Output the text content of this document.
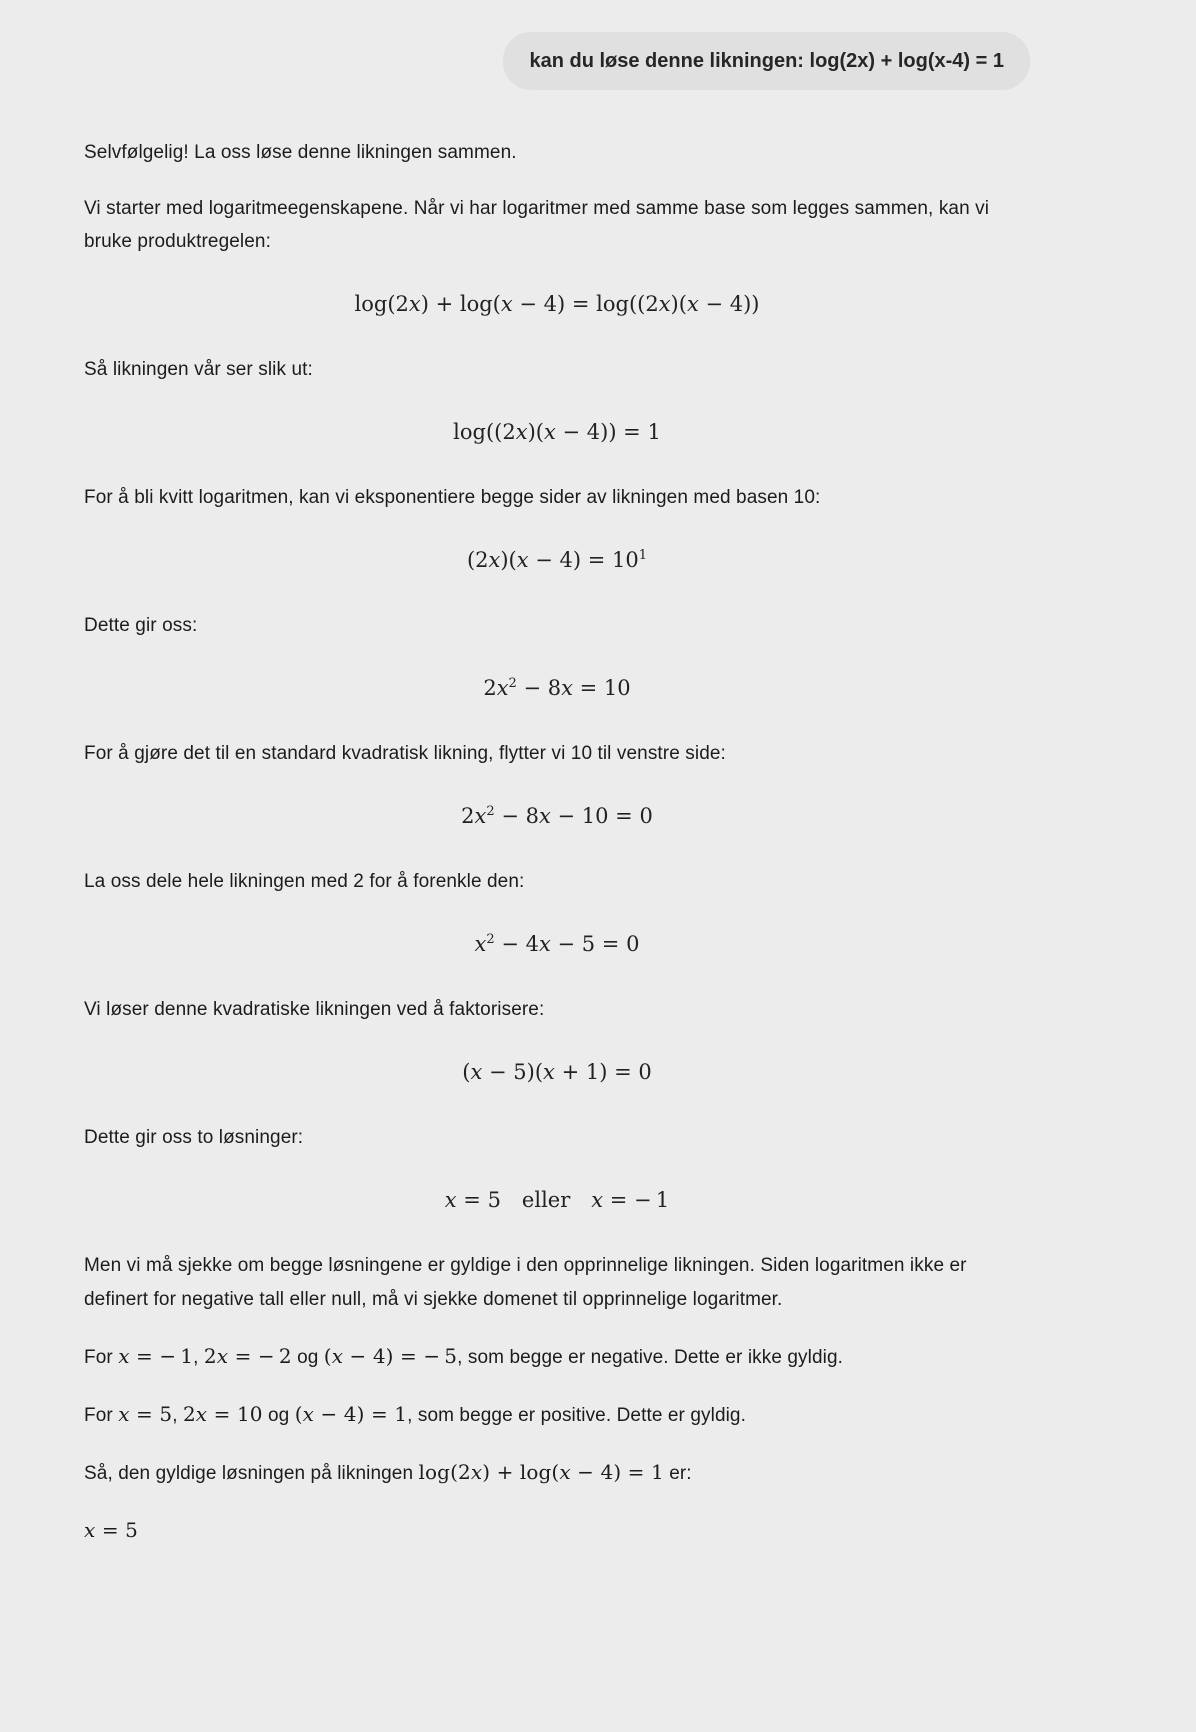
kan du løse denne likningen: log(2x) + log(x-4) = 1
Selvfølgelig! La oss løse denne likningen sammen.
Vi starter med logaritmeegenskapene. Når vi har logaritmer med samme base som legges sammen, kan vi bruke produktregelen:
log(2x) + log(x − 4) = log((2x)(x − 4))
Så likningen vår ser slik ut:
log((2x)(x − 4)) = 1
For å bli kvitt logaritmen, kan vi eksponentiere begge sider av likningen med basen 10:
$(2x)(x - 4) = 10^1$
Dette gir oss:
$2x^2 - 8x = 10$
For å gjøre det til en standard kvadratisk likning, flytter vi 10 til venstre side:
$2x^2 - 8x - 10 = 0$
La oss dele hele likningen med 2 for å forenkle den:
$x^2 - 4x - 5 = 0$
Vi løser denne kvadratiske likningen ved å faktorisere:
(x − 5)(x + 1) = 0
Dette gir oss to løsninger:
x = 5 eller x = − 1
Men vi må sjekke om begge løsningene er gyldige i den opprinnelige likningen. Siden logaritmen ikke er definert for negative tall eller null, må vi sjekke domenet til opprinnelige logaritmer.
For x = − 1, 2x = − 2 og (x − 4) = − 5, som begge er negative. Dette er ikke gyldig.
For x = 5, 2x = 10 og (x − 4) = 1, som begge er positive. Dette er gyldig.
Så, den gyldige løsningen på likningen log(2x) + log(x − 4) = 1 er:
x = 5
